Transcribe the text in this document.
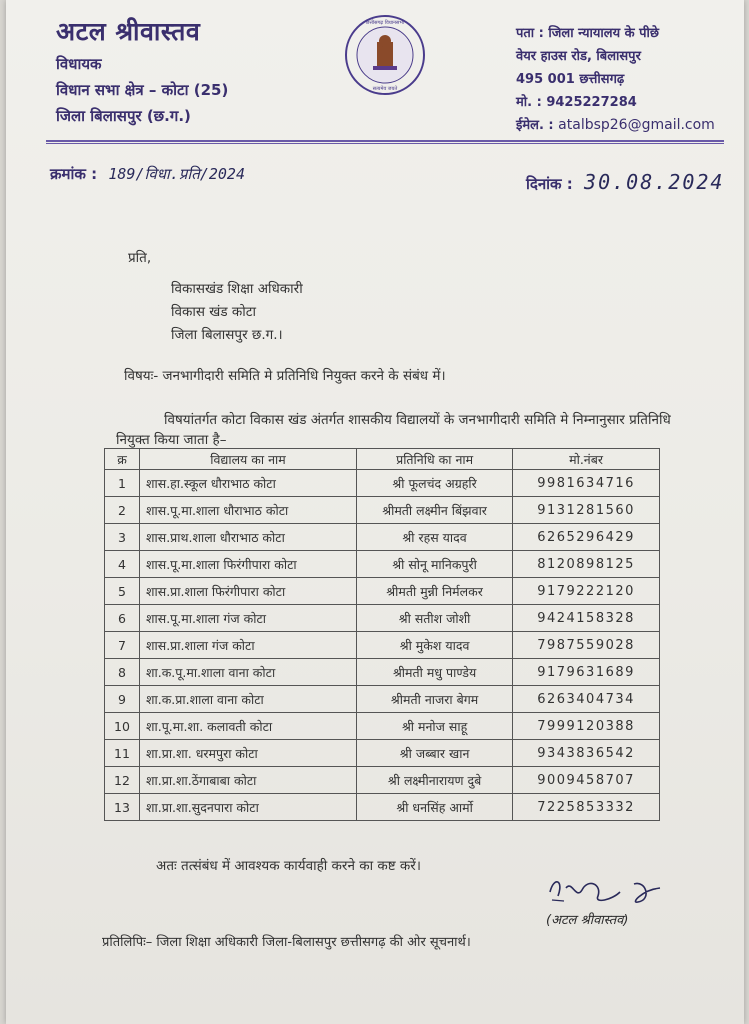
अटल श्रीवास्तव
विधायक
विधान सभा क्षेत्र – कोटा (25)
जिला बिलासपुर (छ.ग.)
छत्तीसगढ़ विधानसभा
सत्यमेव जयते
पता : जिला न्यायालय के पीछे
वेयर हाउस रोड, बिलासपुर
495 001 छत्तीसगढ़
मो. : 9425227284
ईमेल. : atalbsp26@gmail.com
क्रमांक : 189/विधा.प्रति/2024
दिनांक : 30.08.2024
प्रति,
विकासखंड शिक्षा अधिकारी
विकास खंड कोटा
जिला बिलासपुर छ.ग.।
विषयः- जनभागीदारी समिति मे प्रतिनिधि नियुक्त करने के संबंध में।
विषयांतर्गत कोटा विकास खंड अंतर्गत शासकीय विद्यालयों के जनभागीदारी समिति मे निम्नानुसार प्रतिनिधि नियुक्त किया जाता है–
क्र	विद्यालय का नाम	प्रतिनिधि का नाम	मो.नंबर
1	शास.हा.स्कूल धौराभाठ कोटा	श्री फूलचंद अग्रहरि	9981634716
2	शास.पू.मा.शाला धौराभाठ कोटा	श्रीमती लक्ष्मीन बिंझवार	9131281560
3	शास.प्राथ.शाला धौराभाठ कोटा	श्री रहस यादव	6265296429
4	शास.पू.मा.शाला फिरंगीपारा कोटा	श्री सोनू मानिकपुरी	8120898125
5	शास.प्रा.शाला फिरंगीपारा कोटा	श्रीमती मुन्नी निर्मलकर	9179222120
6	शास.पू.मा.शाला गंज कोटा	श्री सतीश जोशी	9424158328
7	शास.प्रा.शाला गंज कोटा	श्री मुकेश यादव	7987559028
8	शा.क.पू.मा.शाला वाना कोटा	श्रीमती मधु पाण्डेय	9179631689
9	शा.क.प्रा.शाला वाना कोटा	श्रीमती नाजरा बेगम	6263404734
10	शा.पू.मा.शा. कलावती कोटा	श्री मनोज साहू	7999120388
11	शा.प्रा.शा. धरमपुरा कोटा	श्री जब्बार खान	9343836542
12	शा.प्रा.शा.ठेंगाबाबा कोटा	श्री लक्ष्मीनारायण दुबे	9009458707
13	शा.प्रा.शा.सुदनपारा कोटा	श्री धनसिंह आर्मो	7225853332
अतः तत्संबंध में आवश्यक कार्यवाही करने का कष्ट करें।
(अटल श्रीवास्तव)
प्रतिलिपिः– जिला शिक्षा अधिकारी जिला-बिलासपुर छत्तीसगढ़ की ओर सूचनार्थ।
